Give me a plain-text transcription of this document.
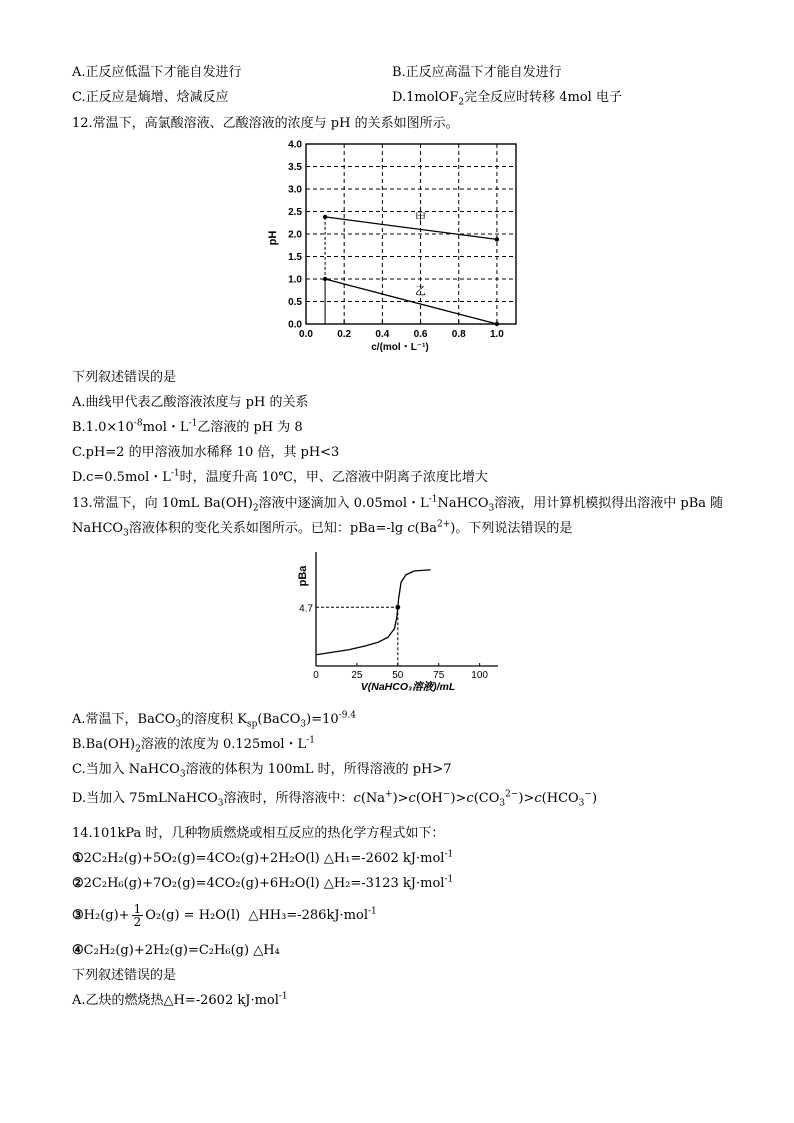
A.正反应低温下才能自发进行	B.正反应高温下才能自发进行
C.正反应是熵增、焓减反应	D.1molOF$_2$完全反应时转移 4mol 电子
12.常温下，高氯酸溶液、乙酸溶液的浓度与 pH 的关系如图所示。
0.0 0.2 0.4 0.6 0.8 1.0
0.0
0.5
1.0
1.5
2.0
2.5
3.0
3.5
4.0
甲
乙
pH
c/(mol・L⁻¹)
下列叙述错误的是
A.曲线甲代表乙酸溶液浓度与 pH 的关系
$B.1.0\times 10^{-8}mol$・$L^{-1}$乙溶液的 pH 为 8
C.pH=2 的甲溶液加水稀释 10 倍，其 pH<3
D.c=0.5mol・$L^{-1}$时，温度升高 10℃，甲、乙溶液中阴离子浓度比增大
13.常温下，向 10mL $Ba(OH)_2$溶液中逐滴加入 0.05mol・$L^{-1}NaHCO_3$溶液，用计算机模拟得出溶液中 pBa 随
NaHCO$_3$溶液体积的变化关系如图所示。已知：pBa=-lg $c(Ba^{2+})$。下列说法错误的是
0	25	50	75	100
4.7
pBa
V(NaHCO₃溶液)/mL
A.常温下，BaCO$_3$的溶度积 $K_{sp}(BaCO_3)=10^{-9.4}$
$B.Ba(OH)_2$溶液的浓度为 0.125mol・$L^{-1}$
C.当加入 NaHCO$_3$溶液的体积为 100mL 时，所得溶液的 pH>7
D.当加入 75mLNaHCO$_3$溶液时，所得溶液中：$c(Na^+)>c(OH^-)>c(CO_3^{2-})>c(HCO_3^-)$
14.101kPa 时，几种物质燃烧或相互反应的热化学方程式如下：
①2C₂H₂(g)+5O₂(g)=4CO₂(g)+2H₂O(l) △H₁=-2602 kJ·mol$^{-1}$
②2C₂H₆(g)+7O₂(g)=4CO₂(g)+6H₂O(l) △H₂=-3123 kJ·mol$^{-1}$
③H₂(g)+ $\frac{1}{2} O_2(g) = H_2O(l)$ △HH₃=-286kJ·mol$^{-1}$
④C₂H₂(g)+2H₂(g)=C₂H₆(g) △H₄
下列叙述错误的是
A.乙炔的燃烧热△H=-2602 kJ·mol$^{-1}$
